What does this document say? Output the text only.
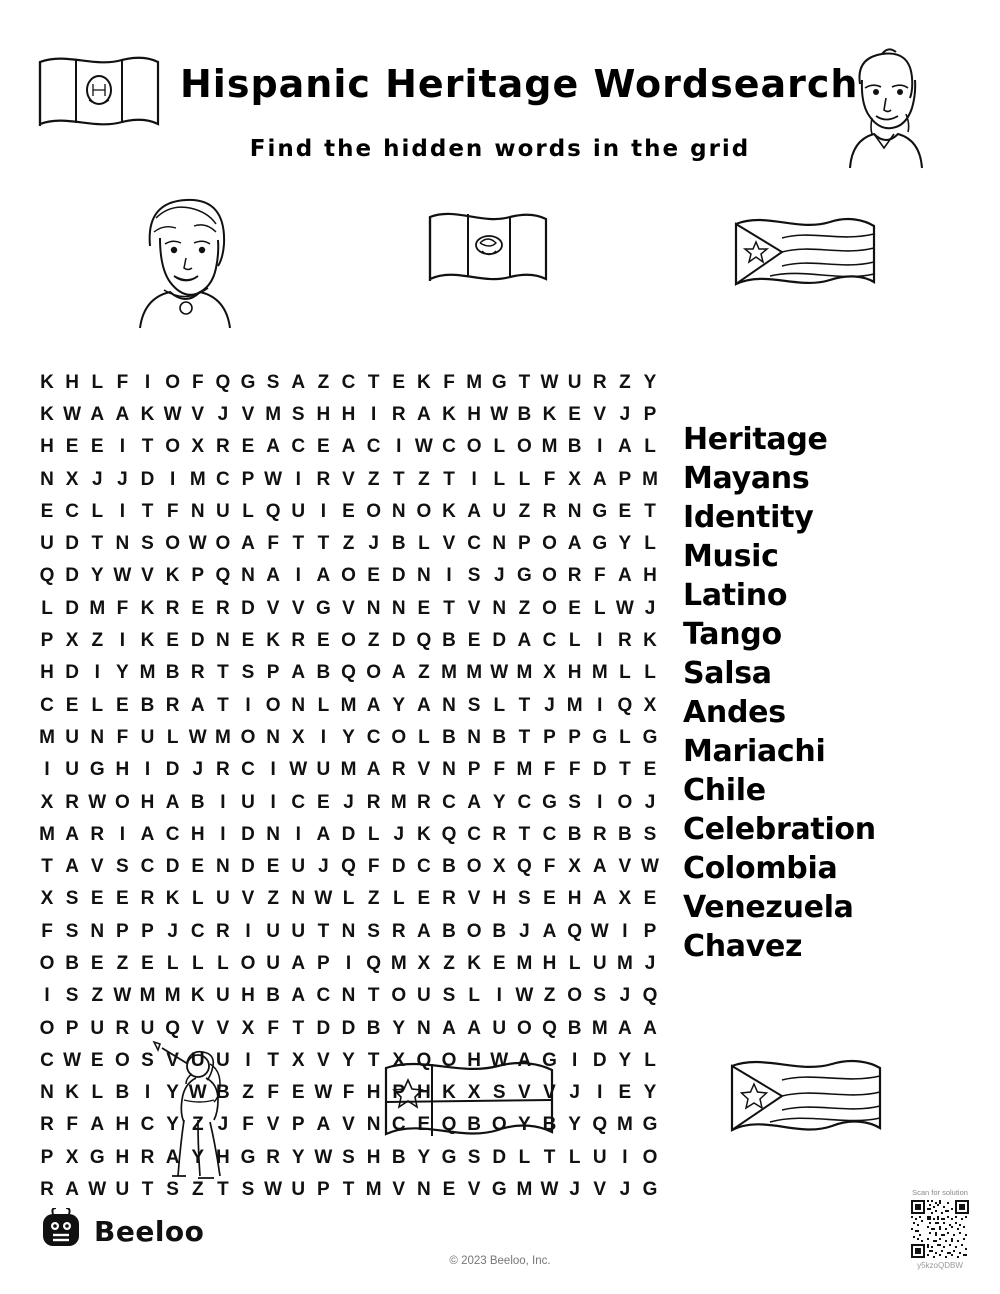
Hispanic Heritage Wordsearch
Find the hidden words in the grid
K H L F I O F Q G S A Z C T E K F M G T W U R Z Y
K W A A K W V J V M S H H I R A K H W B K E V J P
H E E I T O X R E A C E A C I W C O L O M B I A L
N X J J D I M C P W I R V Z T Z T I L L F X A P M
E C L I T F N U L Q U I E O N O K A U Z R N G E T
U D T N S O W O A F T T Z J B L V C N P O A G Y L
Q D Y W V K P Q N A I A O E D N I S J G O R F A H
L D M F K R E R D V V G V N N E T V N Z O E L W J
P X Z I K E D N E K R E O Z D Q B E D A C L I R K
H D I Y M B R T S P A B Q O A Z M M W M X H M L L
C E L E B R A T I O N L M A Y A N S L T J M I Q X
M U N F U L W M O N X I Y C O L B N B T P P G L G
I U G H I D J R C I W U M A R V N P F M F F D T E
X R W O H A B I U I C E J R M R C A Y C G S I O J
M A R I A C H I D N I A D L J K Q C R T C B R B S
T A V S C D E N D E U J Q F D C B O X Q F X A V W
X S E E R K L U V Z N W L Z L E R V H S E H A X E
F S N P P J C R I U U T N S R A B O B J A Q W I P
O B E Z E L L L O U A P I Q M X Z K E M H L U M J
I S Z W M M K U H B A C N T O U S L I W Z O S J Q
O P U R U Q V V X F T D D B Y N A A U O Q B M A A
C W E O S V U U I T X V Y T X Q O H W A G I D Y L
N K L B I Y W B Z F E W F H P H K X S V V J I E Y
R F A H C Y Z J F V P A V N C E Q B O Y B Y Q M G
P X G H R A Y H G R Y W S H B Y G S D L T L U I O
R A W U T S Z T S W U P T M V N E V G M W J V J G
Heritage
Mayans
Identity
Music
Latino
Tango
Salsa
Andes
Mariachi
Chile
Celebration
Colombia
Venezuela
Chavez
Beeloo
© 2023 Beeloo, Inc.
Scan for solution
y5kzoQDBW
